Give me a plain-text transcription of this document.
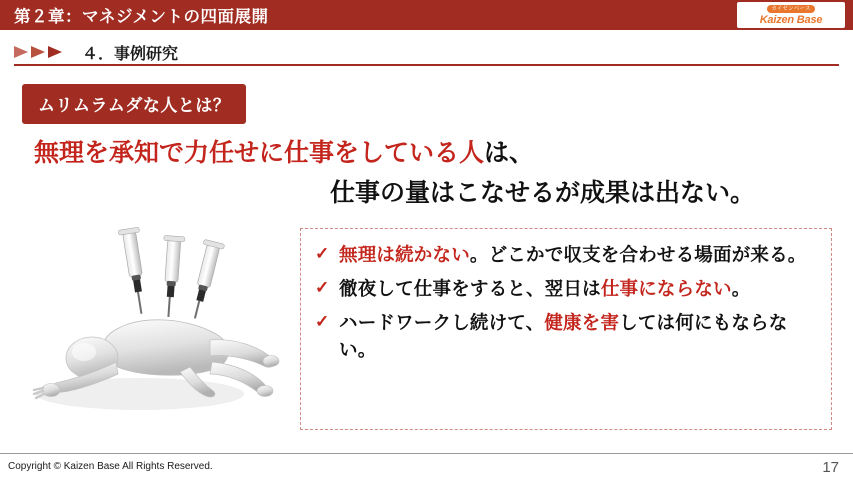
第２章：マネジメントの四面展開	カイゼンベース
Kaizen Base
４．事例研究
ムリムラムダな人とは？
無理を承知で力任せに仕事をしている人は、
仕事の量はこなせるが成果は出ない。
✓ 無理は続かない。どこかで収支を合わせる場面が来る。
✓ 徹夜して仕事をすると、翌日は仕事にならない。
✓ ハードワークし続けて、健康を害しては何にもならない。
Copyright © Kaizen Base All Rights Reserved.	17
